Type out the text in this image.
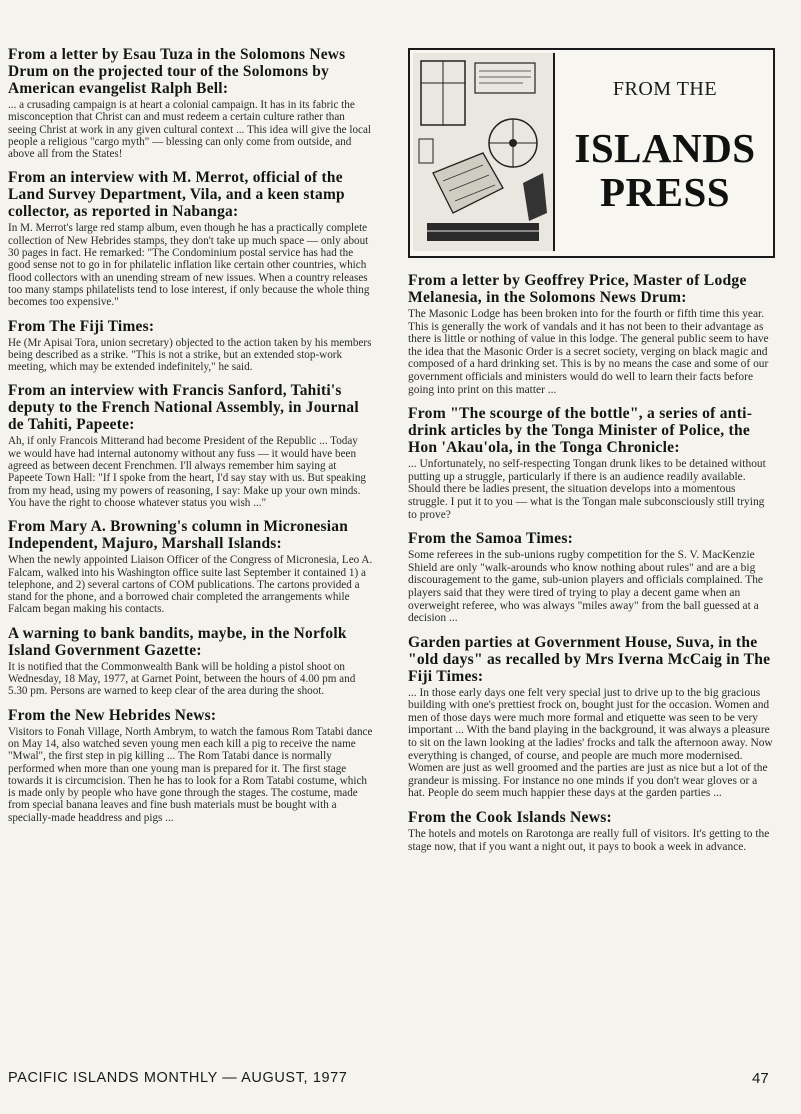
From a letter by Esau Tuza in the Solomons News Drum on the projected tour of the Solomons by American evangelist Ralph Bell:

... a crusading campaign is at heart a colonial campaign. It has in its fabric the misconception that Christ can and must redeem a certain culture rather than seeing Christ at work in any given cultural context ... This idea will give the local people a religious "cargo myth" — blessing can only come from outside, and above all from the States!

From an interview with M. Merrot, official of the Land Survey Department, Vila, and a keen stamp collector, as reported in Nabanga:

In M. Merrot's large red stamp album, even though he has a practically complete collection of New Hebrides stamps, they don't take up much space — only about 30 pages in fact. He remarked: "The Condominium postal service has had the good sense not to go in for philatelic inflation like certain other countries, which flood collectors with an unending stream of new issues. When a country releases too many stamps philatelists tend to lose interest, if only because the whole thing becomes too expensive."

From The Fiji Times:

He (Mr Apisai Tora, union secretary) objected to the action taken by his members being described as a strike. "This is not a strike, but an extended stop-work meeting, which may be extended indefinitely," he said.

From an interview with Francis Sanford, Tahiti's deputy to the French National Assembly, in Journal de Tahiti, Papeete:

Ah, if only Francois Mitterand had become President of the Republic ... Today we would have had internal autonomy without any fuss — it would have been agreed as between decent Frenchmen. I'll always remember him saying at Papeete Town Hall: "If I spoke from the heart, I'd say stay with us. But speaking from my head, using my powers of reasoning, I say: Make up your own minds. You have the right to choose whatever status you wish ..."

From Mary A. Browning's column in Micronesian Independent, Majuro, Marshall Islands:

When the newly appointed Liaison Officer of the Congress of Micronesia, Leo A. Falcam, walked into his Washington office suite last September it contained 1) a telephone, and 2) several cartons of COM publications. The cartons provided a stand for the phone, and a borrowed chair completed the arrangements while Falcam began making his contacts.

A warning to bank bandits, maybe, in the Norfolk Island Government Gazette:

It is notified that the Commonwealth Bank will be holding a pistol shoot on Wednesday, 18 May, 1977, at Garnet Point, between the hours of 4.00 pm and 5.30 pm. Persons are warned to keep clear of the area during the shoot.

From the New Hebrides News:

Visitors to Fonah Village, North Ambrym, to watch the famous Rom Tatabi dance on May 14, also watched seven young men each kill a pig to receive the name "Mwal", the first step in pig killing ... The Rom Tatabi dance is normally performed when more than one young man is prepared for it. The first stage towards it is circumcision. Then he has to look for a Rom Tatabi costume, which is made only by people who have gone through the stages. The costume, made from special banana leaves and fine bush materials must be bought with a specially-made headdress and pigs ...

FROM THE
ISLANDS
PRESS

From a letter by Geoffrey Price, Master of Lodge Melanesia, in the Solomons News Drum:

The Masonic Lodge has been broken into for the fourth or fifth time this year. This is generally the work of vandals and it has not been to their advantage as there is little or nothing of value in this lodge. The general public seem to have the idea that the Masonic Order is a secret society, verging on black magic and composed of a hard drinking set. This is by no means the case and some of our government officials and ministers would do well to learn their facts before going into print on this matter ...

From "The scourge of the bottle", a series of anti-drink articles by the Tonga Minister of Police, the Hon 'Akau'ola, in the Tonga Chronicle:

... Unfortunately, no self-respecting Tongan drunk likes to be detained without putting up a struggle, particularly if there is an audience readily available. Should there be ladies present, the situation develops into a momentous struggle. I put it to you — what is the Tongan male subconsciously still trying to prove?

From the Samoa Times:

Some referees in the sub-unions rugby competition for the S. V. MacKenzie Shield are only "walk-arounds who know nothing about rules" and are a big discouragement to the game, sub-union players and officials complained. The players said that they were tired of trying to play a decent game when an overweight referee, who was always "miles away" from the ball guessed at a decision ...

Garden parties at Government House, Suva, in the "old days" as recalled by Mrs Iverna McCaig in The Fiji Times:

... In those early days one felt very special just to drive up to the big gracious building with one's prettiest frock on, bought just for the occasion. Women and men of those days were much more formal and etiquette was seen to be very important ... With the band playing in the background, it was always a pleasure to sit on the lawn looking at the ladies' frocks and talk the afternoon away. Now everything is changed, of course, and people are much more modernised. Women are just as well groomed and the parties are just as nice but a lot of the grandeur is missing. For instance no one minds if you don't wear gloves or a hat. People do seem much happier these days at the garden parties ...

From the Cook Islands News:

The hotels and motels on Rarotonga are really full of visitors. It's getting to the stage now, that if you want a night out, it pays to book a week in advance.

PACIFIC ISLANDS MONTHLY — AUGUST, 1977	47
